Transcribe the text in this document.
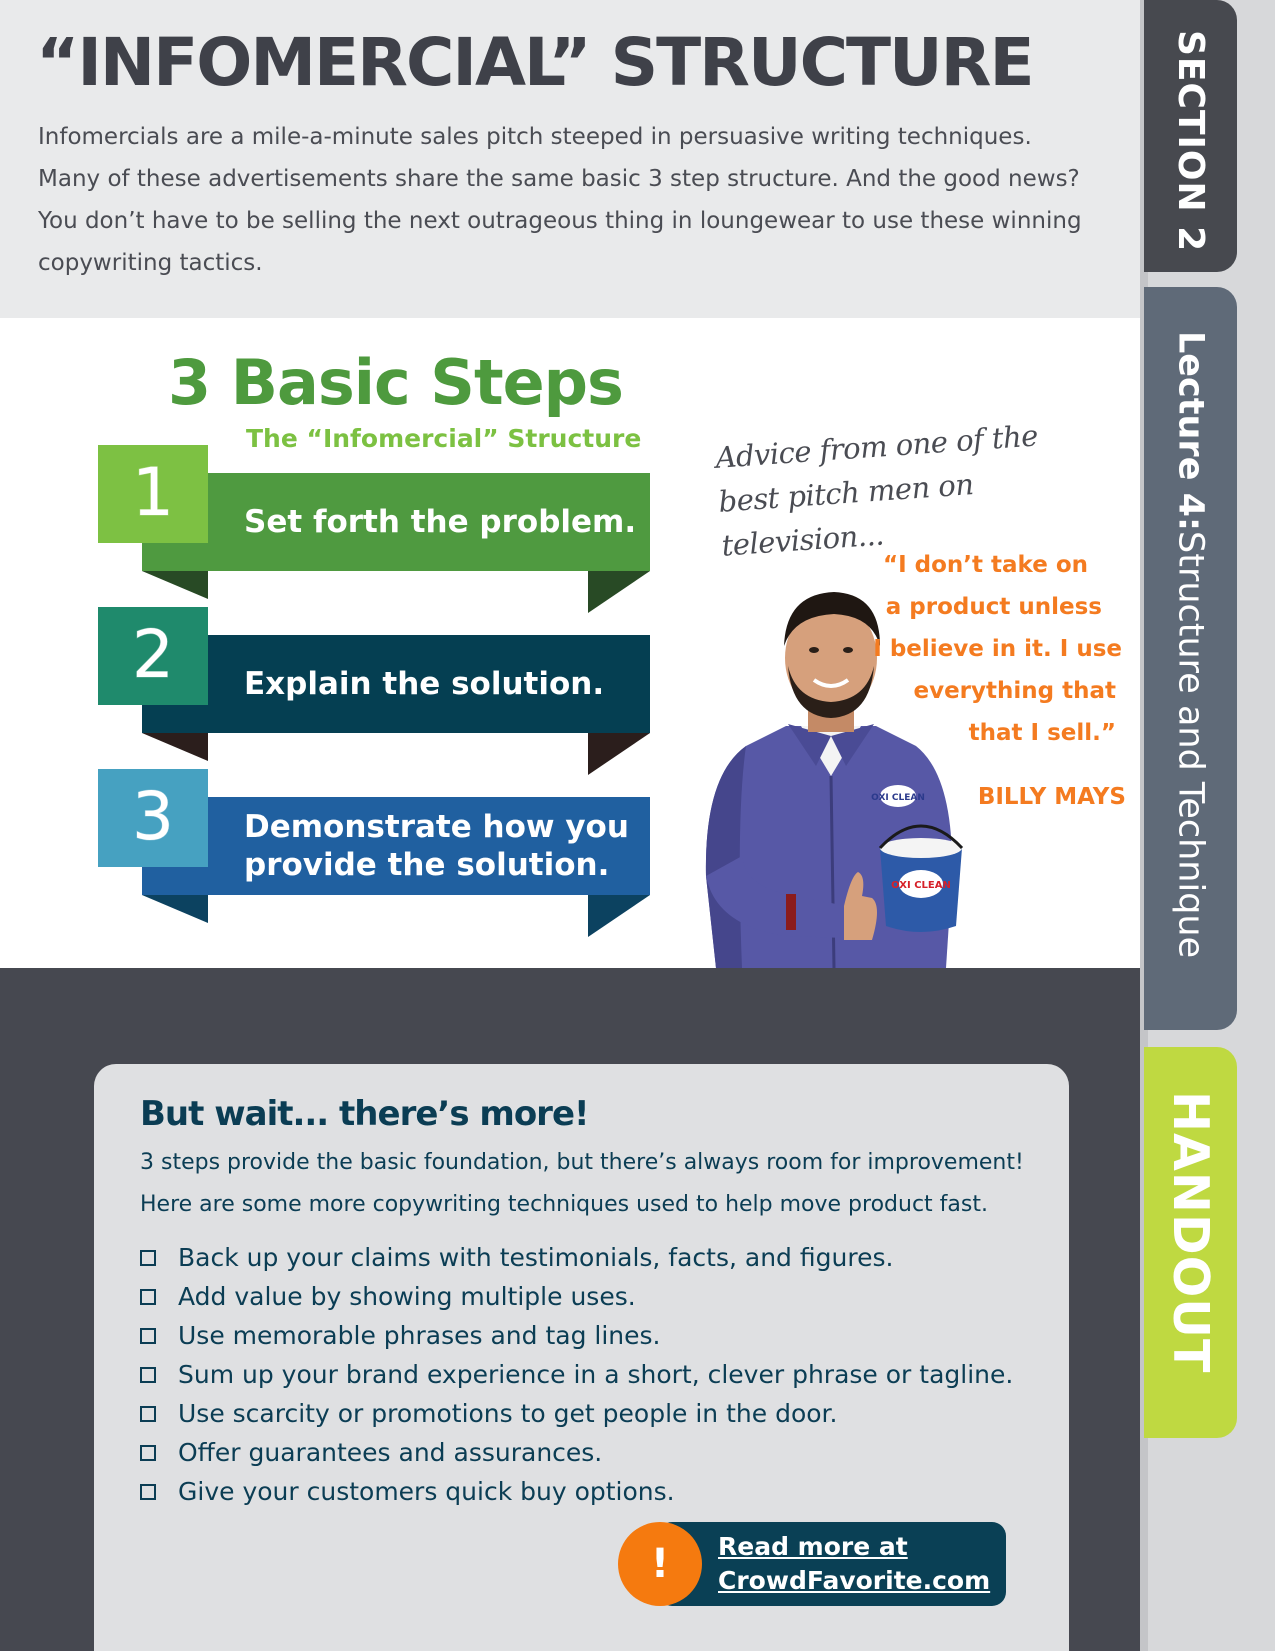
“INFOMERCIAL” STRUCTURE

Infomercials are a mile-a-minute sales pitch steeped in persuasive writing techniques. Many of these advertisements share the same basic 3 step structure. And the good news? You don’t have to be selling the next outrageous thing in loungewear to use these winning copywriting tactics.

3 Basic Steps
The “Infomercial” Structure
1	Set forth the problem.
2	Explain the solution.
3	Demonstrate how you provide the solution.
Advice from one of the best pitch men on television...
OXI CLEAN
OXI CLEAN
“I don’t take on
a product unless
I believe in it. I use
everything that
that I sell.”
BILLY MAYS
But wait... there’s more!

3 steps provide the basic foundation, but there’s always room for improvement! Here are some more copywriting techniques used to help move product fast.

Back up your claims with testimonials, facts, and figures.
Add value by showing multiple uses.
Use memorable phrases and tag lines.
Sum up your brand experience in a short, clever phrase or tagline.
Use scarcity or promotions to get people in the door.
Offer guarantees and assurances.
Give your customers quick buy options.
!	Read more at
CrowdFavorite.com
SECTION 2
Lecture 4:
Structure and Technique
HANDOUT
